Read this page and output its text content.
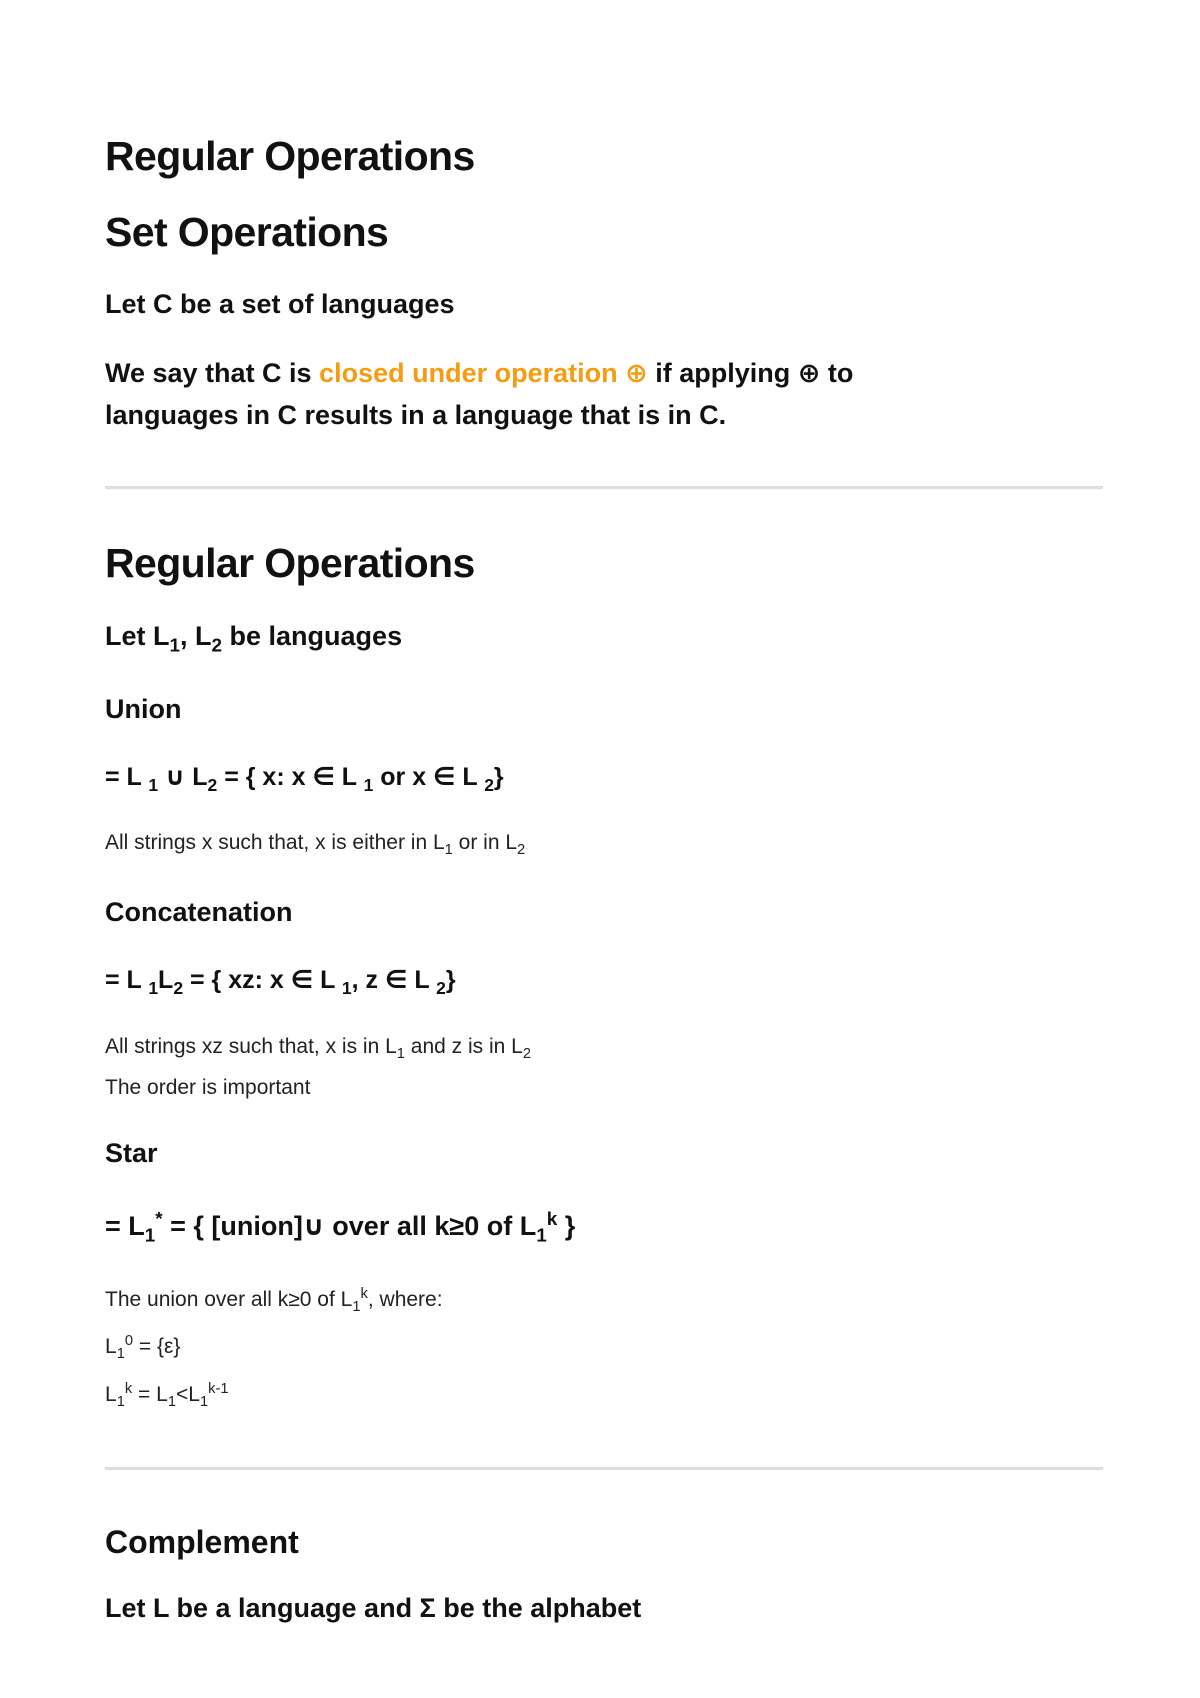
Regular Operations
Set Operations

Let C be a set of languages

We say that C is closed under operation ⊕ if applying ⊕ to

languages in C results in a language that is in C.

Regular Operations

Let $L_1$, $L_2$ be languages

Union

= L $_1$ ∪ $L_2$ = { x: x ∈ L $_1$ or x ∈ L $_2$}

All strings x such that, x is either in $L_1$ or in $L_2$

Concatenation

= L $_1L_2$ = { xz: x ∈ L $_1$, z ∈ L $_2$}

All strings xz such that, x is in $L_1$ and z is in $L_2$

The order is important

Star

= $L_1^*$ = { [union]∪ over all k≥0 of $L_1^k$ }

The union over all k≥0 of $L_1^k$, where:

$L_1^0 = \{\varepsilon\}$

$L_1^k = L_1<L_1^{k-1}$

Complement

Let L be a language and Σ be the alphabet
